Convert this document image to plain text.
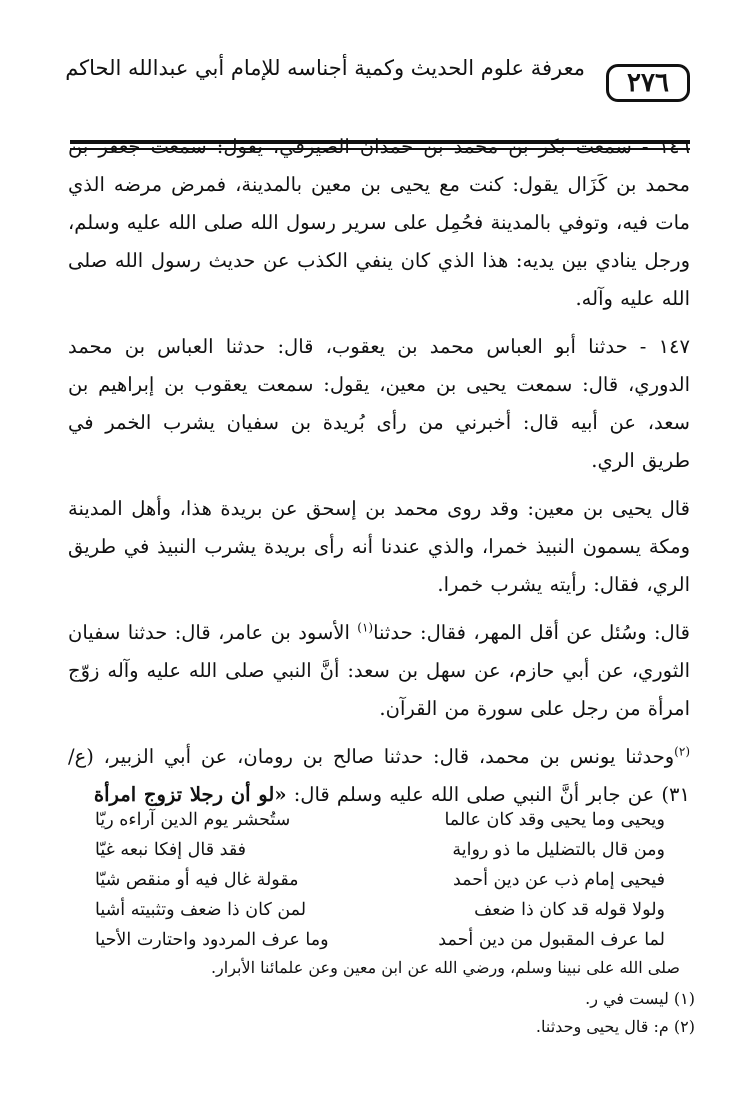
معرفة علوم الحديث وكمية أجناسه للإمام أبي عبدالله الحاكم ٢٧٦

١٤٦ - سمعت بكر بن محمد بن حمدان الصيرفي، يقول: سمعت جعفر بن محمد بن كَزَال يقول: كنت مع يحيى بن معين بالمدينة، فمرض مرضه الذي مات فيه، وتوفي بالمدينة فحُمِل على سرير رسول الله صلى الله عليه وسلم، ورجل ينادي بين يديه: هذا الذي كان ينفي الكذب عن حديث رسول الله صلى الله عليه وآله.

١٤٧ - حدثنا أبو العباس محمد بن يعقوب، قال: حدثنا العباس بن محمد الدوري، قال: سمعت يحيى بن معين، يقول: سمعت يعقوب بن إبراهيم بن سعد، عن أبيه قال: أخبرني من رأى بُريدة بن سفيان يشرب الخمر في طريق الري.

قال يحيى بن معين: وقد روى محمد بن إسحق عن بريدة هذا، وأهل المدينة ومكة يسمون النبيذ خمرا، والذي عندنا أنه رأى بريدة يشرب النبيذ في طريق الري، فقال: رأيته يشرب خمرا.

قال: وسُئل عن أقل المهر، فقال: حدثنا$^{(١)}$ الأسود بن عامر، قال: حدثنا سفيان الثوري، عن أبي حازم، عن سهل بن سعد: أنَّ النبي صلى الله عليه وآله زوّج امرأة من رجل على سورة من القرآن.

$^{(٢)}$وحدثنا يونس بن محمد، قال: حدثنا صالح بن رومان، عن أبي الزبير، (ع/ ٣١) عن جابر أنَّ النبي صلى الله عليه وسلم قال: «لو أن رجلا تزوج امرأة

ويحيى وما يحيى وقد كان عالما
ستُحشر يوم الدين آراءه ريّا
ومن قال بالتضليل ما ذو رواية
فقد قال إفكا نبعه غيّا
فيحيى إمام ذب عن دين أحمد
مقولة غال فيه أو منقص شيّا
ولولا قوله قد كان ذا ضعف
لمن كان ذا ضعف وتثبيته أشيا
لما عرف المقبول من دين أحمد
وما عرف المردود واحتارت الأحيا
صلى الله على نبينا وسلم، ورضي الله عن ابن معين وعن علمائنا الأبرار.
(١) ليست في ر.
(٢) م: قال يحيى وحدثنا.
